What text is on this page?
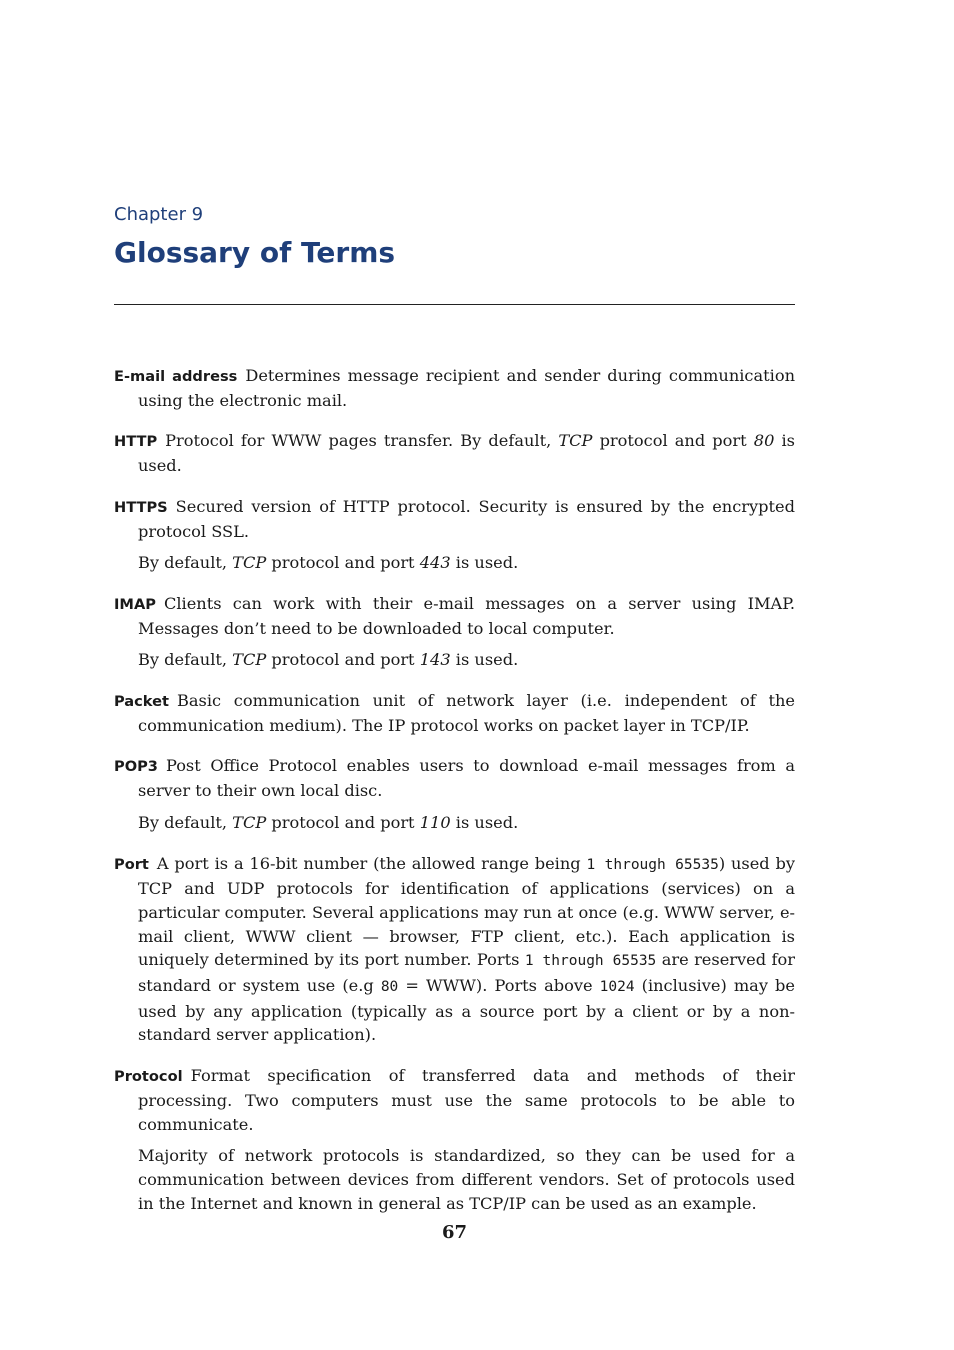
Chapter 9
Glossary of Terms

E-mail address Determines message recipient and sender during communication using the electronic mail.

HTTP Protocol for WWW pages transfer. By default, TCP protocol and port 80 is used.

HTTPS Secured version of HTTP protocol. Security is ensured by the encrypted protocol SSL.

By default, TCP protocol and port 443 is used.

IMAP Clients can work with their e-mail messages on a server using IMAP. Messages don’t need to be downloaded to local computer.

By default, TCP protocol and port 143 is used.

Packet Basic communication unit of network layer (i.e. independent of the communication medium). The IP protocol works on packet layer in TCP/IP.

POP3 Post Office Protocol enables users to download e-mail messages from a server to their own local disc.

By default, TCP protocol and port 110 is used.

Port A port is a 16-bit number (the allowed range being 1 through 65535) used by TCP and UDP protocols for identification of applications (services) on a particular computer. Several applications may run at once (e.g. WWW server, e-mail client, WWW client — browser, FTP client, etc.). Each application is uniquely determined by its port number. Ports 1 through 65535 are reserved for standard or system use (e.g 80 = WWW). Ports above 1024 (inclusive) may be used by any application (typically as a source port by a client or by a non-standard server application).

Protocol Format specification of transferred data and methods of their processing. Two computers must use the same protocols to be able to communicate.

Majority of network protocols is standardized, so they can be used for a communication between devices from different vendors. Set of protocols used in the Internet and known in general as TCP/IP can be used as an example.

67
